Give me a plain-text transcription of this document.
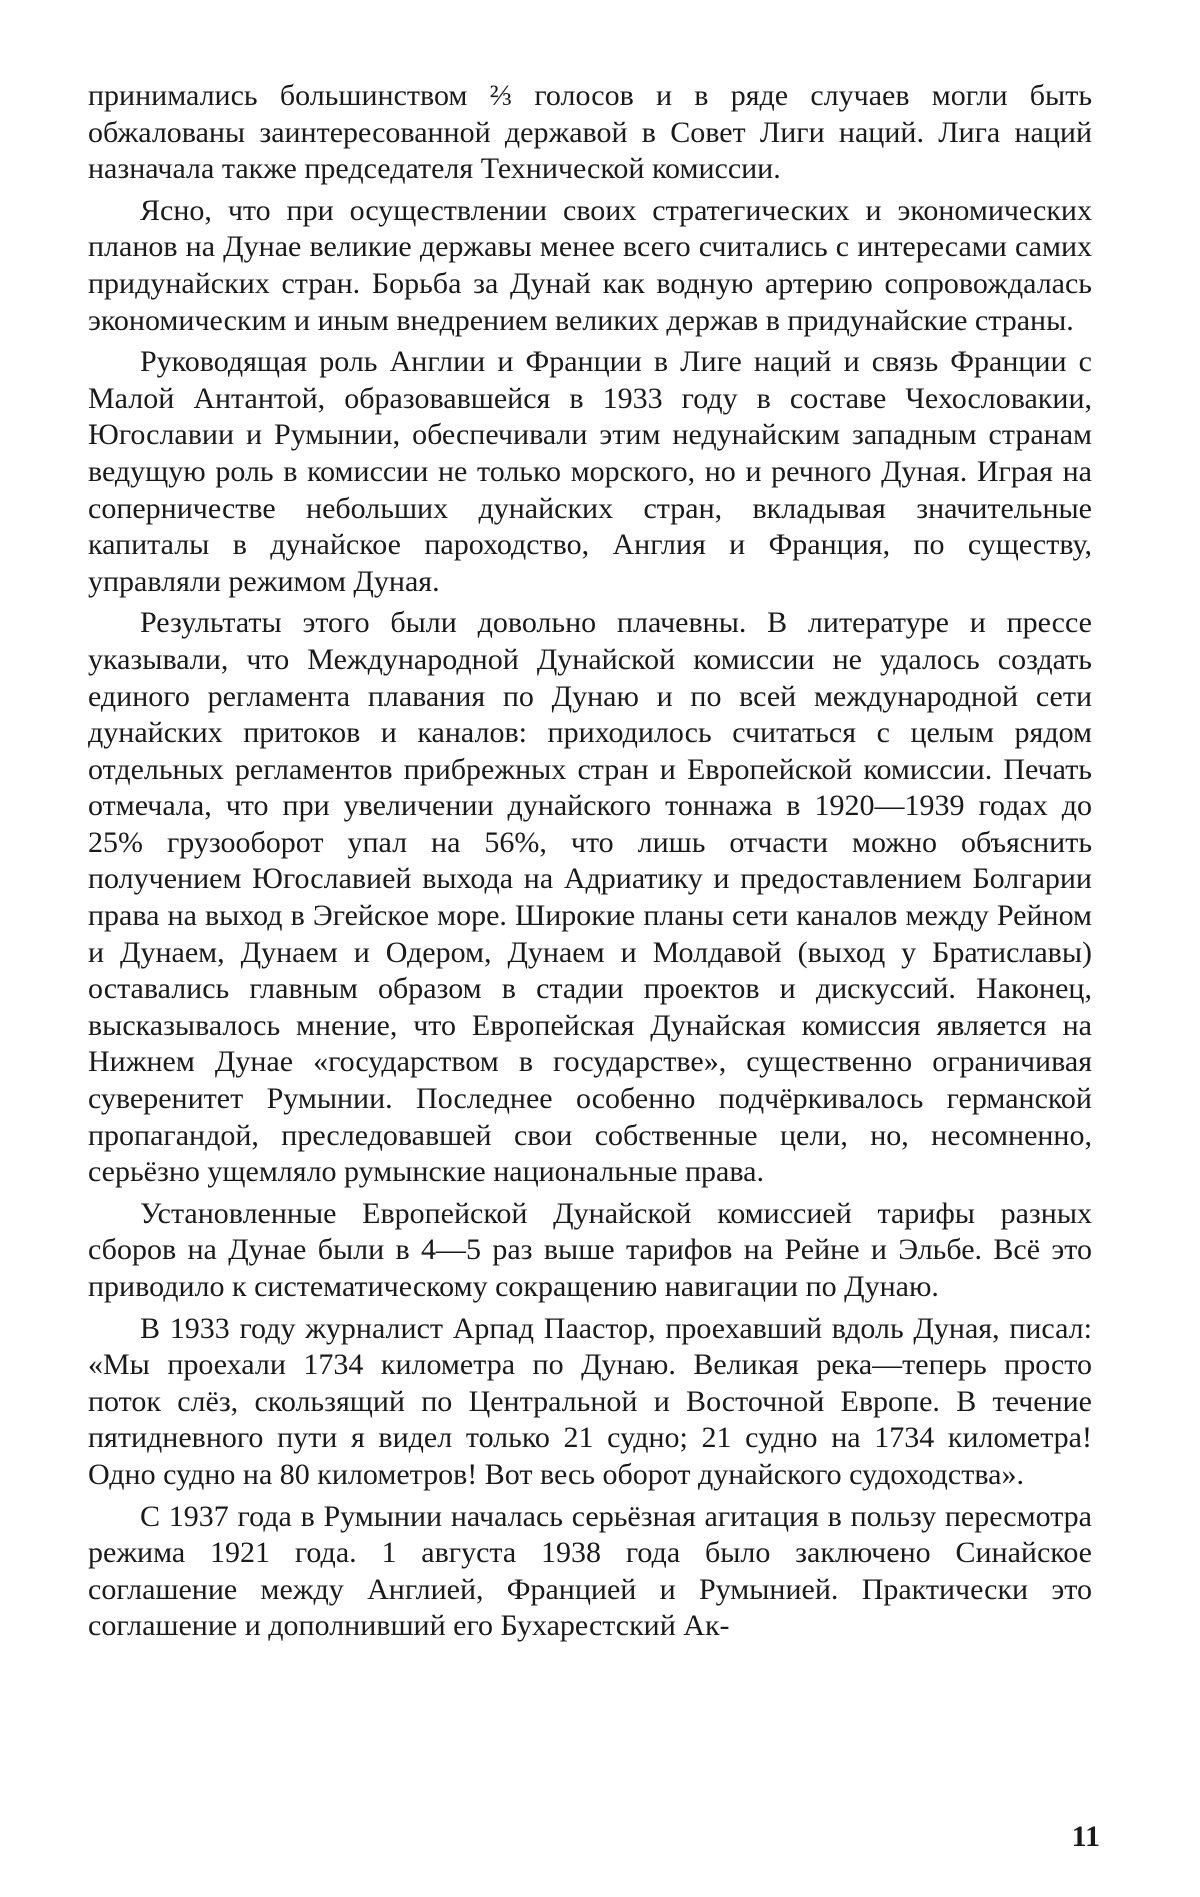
принимались большинством ⅔ голосов и в ряде случаев могли быть обжалованы заинтересованной державой в Совет Лиги наций. Лига наций назначала также председателя Технической комиссии.

Ясно, что при осуществлении своих стратегических и экономических планов на Дунае великие державы менее всего считались с интересами самих придунайских стран. Борьба за Дунай как водную артерию сопровождалась экономическим и иным внедрением великих держав в придунайские страны.

Руководящая роль Англии и Франции в Лиге наций и связь Франции с Малой Антантой, образовавшейся в 1933 году в составе Чехословакии, Югославии и Румынии, обеспечивали этим недунайским западным странам ведущую роль в комиссии не только морского, но и речного Дуная. Играя на соперничестве небольших дунайских стран, вкладывая значительные капиталы в дунайское пароходство, Англия и Франция, по существу, управляли режимом Дуная.

Результаты этого были довольно плачевны. В литературе и прессе указывали, что Международной Дунайской комиссии не удалось создать единого регламента плавания по Дунаю и по всей международной сети дунайских притоков и каналов: приходилось считаться с целым рядом отдельных регламентов прибрежных стран и Европейской комиссии. Печать отмечала, что при увеличении дунайского тоннажа в 1920—1939 годах до 25% грузооборот упал на 56%, что лишь отчасти можно объяснить получением Югославией выхода на Адриатику и предоставлением Болгарии права на выход в Эгейское море. Широкие планы сети каналов между Рейном и Дунаем, Дунаем и Одером, Дунаем и Молдавой (выход у Братиславы) оставались главным образом в стадии проектов и дискуссий. Наконец, высказывалось мнение, что Европейская Дунайская комиссия является на Нижнем Дунае «государством в государстве», существенно ограничивая суверенитет Румынии. Последнее особенно подчёркивалось германской пропагандой, преследовавшей свои собственные цели, но, несомненно, серьёзно ущемляло румынские национальные права.

Установленные Европейской Дунайской комиссией тарифы разных сборов на Дунае были в 4—5 раз выше тарифов на Рейне и Эльбе. Всё это приводило к систематическому сокращению навигации по Дунаю.

В 1933 году журналист Арпад Паастор, проехавший вдоль Дуная, писал: «Мы проехали 1734 километра по Дунаю. Великая река—теперь просто поток слёз, скользящий по Центральной и Восточной Европе. В течение пятидневного пути я видел только 21 судно; 21 судно на 1734 километра! Одно судно на 80 километров! Вот весь оборот дунайского судоходства».

С 1937 года в Румынии началась серьёзная агитация в пользу пересмотра режима 1921 года. 1 августа 1938 года было заключено Синайское соглашение между Англией, Францией и Румынией. Практически это соглашение и дополнивший его Бухарестский Ак-

11
